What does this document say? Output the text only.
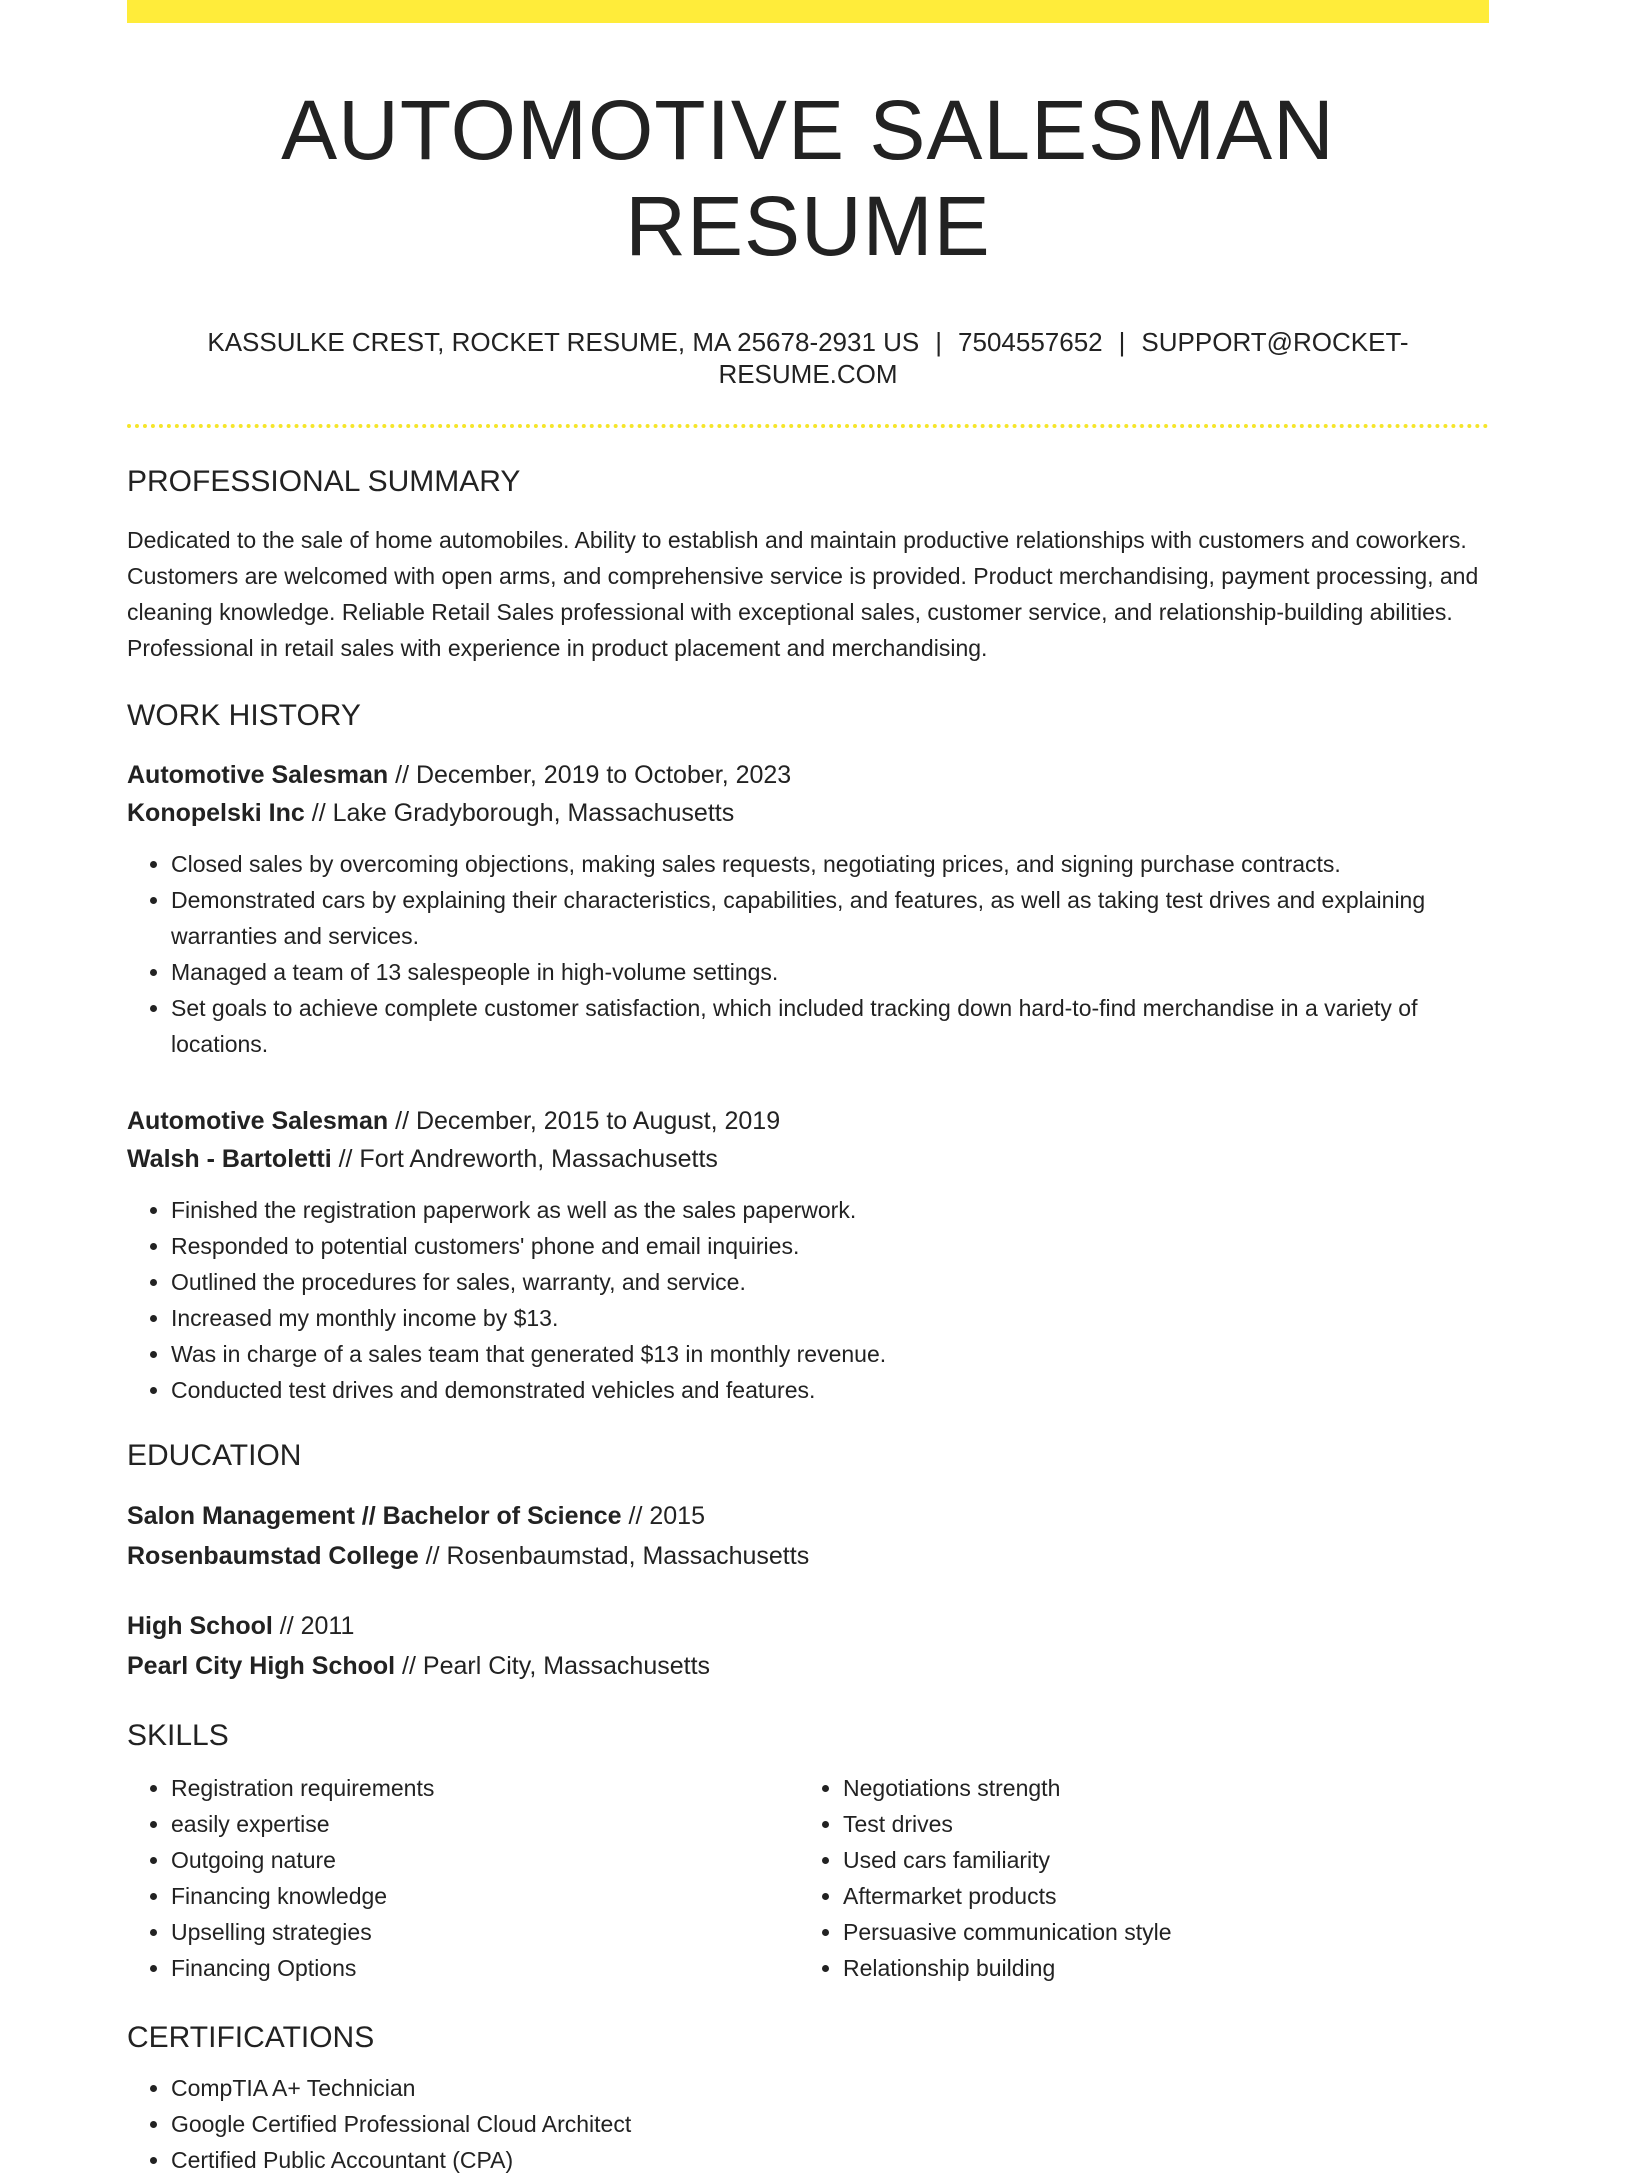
AUTOMOTIVE SALESMAN RESUME
KASSULKE CREST, ROCKET RESUME, MA 25678-2931 US | 7504557652 | SUPPORT@ROCKET-RESUME.COM
PROFESSIONAL SUMMARY

Dedicated to the sale of home automobiles. Ability to establish and maintain productive relationships with customers and coworkers. Customers are welcomed with open arms, and comprehensive service is provided. Product merchandising, payment processing, and cleaning knowledge. Reliable Retail Sales professional with exceptional sales, customer service, and relationship-building abilities. Professional in retail sales with experience in product placement and merchandising.

WORK HISTORY
Automotive Salesman // December, 2019 to October, 2023
Konopelski Inc // Lake Gradyborough, Massachusetts
• Closed sales by overcoming objections, making sales requests, negotiating prices, and signing purchase contracts.
• Demonstrated cars by explaining their characteristics, capabilities, and features, as well as taking test drives and explaining warranties and services.
• Managed a team of 13 salespeople in high-volume settings.
• Set goals to achieve complete customer satisfaction, which included tracking down hard-to-find merchandise in a variety of locations.
Automotive Salesman // December, 2015 to August, 2019
Walsh - Bartoletti // Fort Andreworth, Massachusetts
• Finished the registration paperwork as well as the sales paperwork.
• Responded to potential customers' phone and email inquiries.
• Outlined the procedures for sales, warranty, and service.
• Increased my monthly income by $13.
• Was in charge of a sales team that generated $13 in monthly revenue.
• Conducted test drives and demonstrated vehicles and features.
EDUCATION
Salon Management // Bachelor of Science // 2015
Rosenbaumstad College // Rosenbaumstad, Massachusetts
High School // 2011
Pearl City High School // Pearl City, Massachusetts
SKILLS
• Registration requirements
• easily expertise
• Outgoing nature
• Financing knowledge
• Upselling strategies
• Financing Options
• Negotiations strength
• Test drives
• Used cars familiarity
• Aftermarket products
• Persuasive communication style
• Relationship building
CERTIFICATIONS
• CompTIA A+ Technician
• Google Certified Professional Cloud Architect
• Certified Public Accountant (CPA)
